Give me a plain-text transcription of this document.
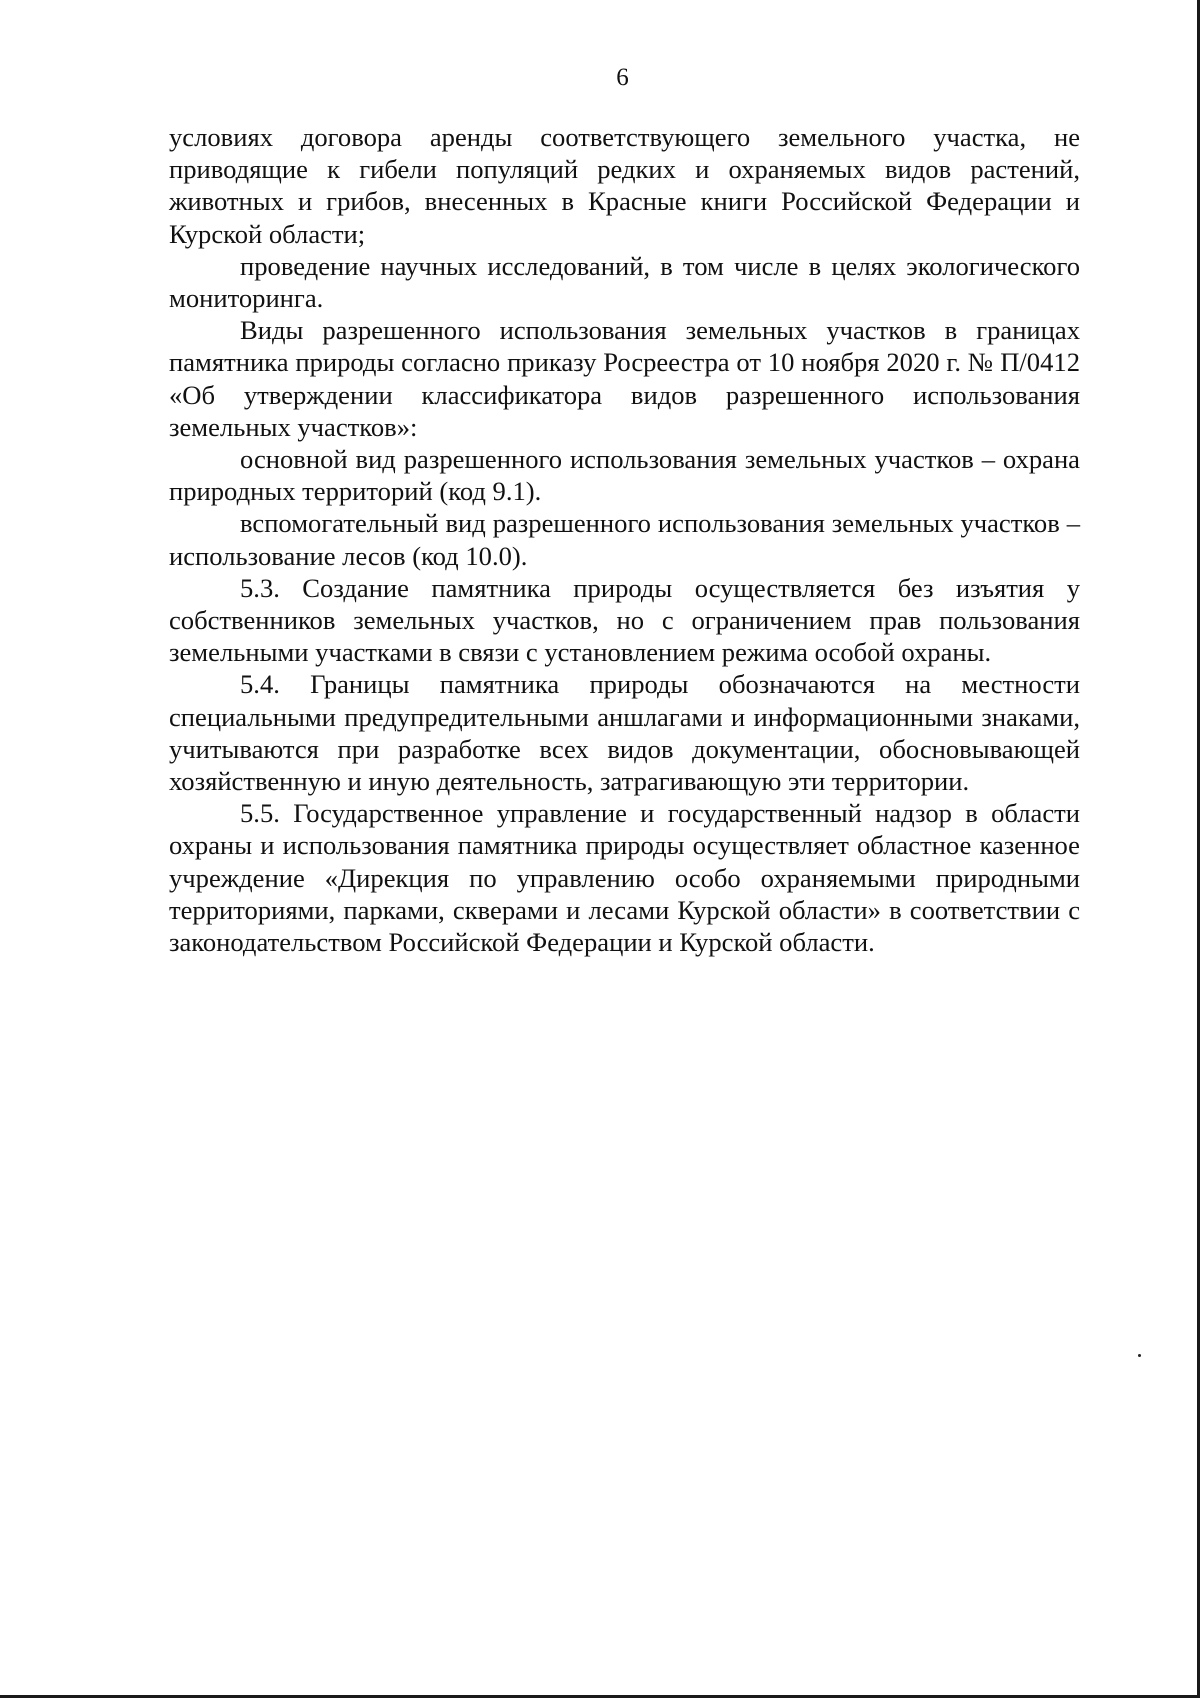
6

условиях договора аренды соответствующего земельного участка, не приводящие к гибели популяций редких и охраняемых видов растений, животных и грибов, внесенных в Красные книги Российской Федерации и Курской области;

проведение научных исследований, в том числе в целях экологического мониторинга.

Виды разрешенного использования земельных участков в границах памятника природы согласно приказу Росреестра от 10 ноября 2020 г. № П/0412 «Об утверждении классификатора видов разрешенного использования земельных участков»:

основной вид разрешенного использования земельных участков – охрана природных территорий (код 9.1).

вспомогательный вид разрешенного использования земельных участков – использование лесов (код 10.0).

5.3. Создание памятника природы осуществляется без изъятия у собственников земельных участков, но с ограничением прав пользования земельными участками в связи с установлением режима особой охраны.

5.4. Границы памятника природы обозначаются на местности специальными предупредительными аншлагами и информационными знаками, учитываются при разработке всех видов документации, обосновывающей хозяйственную и иную деятельность, затрагивающую эти территории.

5.5. Государственное управление и государственный надзор в области охраны и использования памятника природы осуществляет областное казенное учреждение «Дирекция по управлению особо охраняемыми природными территориями, парками, скверами и лесами Курской области» в соответствии с законодательством Российской Федерации и Курской области.
